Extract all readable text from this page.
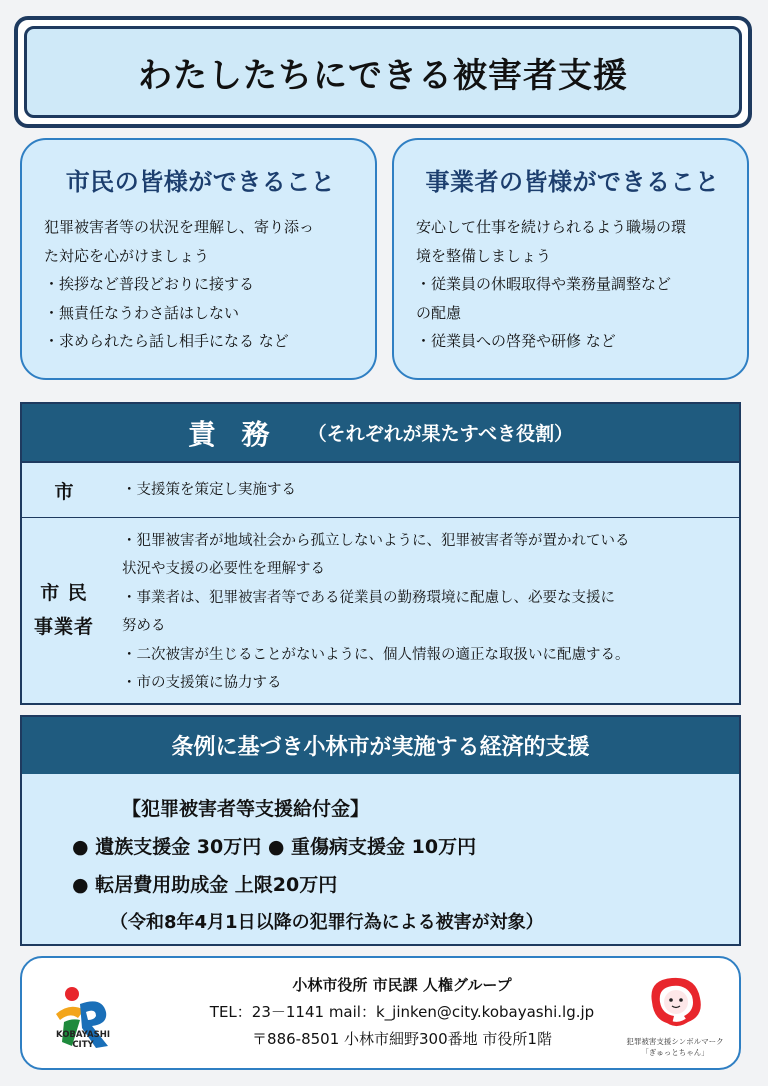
わたしたちにできる被害者支援
市民の皆様ができること
犯罪被害者等の状況を理解し、寄り添っ
た対応を心がけましょう
・挨拶など普段どおりに接する
・無責任なうわさ話はしない
・求められたら話し相手になる など
事業者の皆様ができること
安心して仕事を続けられるよう職場の環
境を整備しましょう
・従業員の休暇取得や業務量調整など
の配慮
・従業員への啓発や研修 など
責 務 （それぞれが果たすべき役割）
市	・支援策を策定し実施する
市 民
事業者
・犯罪被害者が地域社会から孤立しないように、犯罪被害者等が置かれている
状況や支援の必要性を理解する
・事業者は、犯罪被害者等である従業員の勤務環境に配慮し、必要な支援に
努める
・二次被害が生じることがないように、個人情報の適正な取扱いに配慮する。
・市の支援策に協力する
条例に基づき小林市が実施する経済的支援
【犯罪被害者等支援給付金】
● 遺族支援金 30万円 ● 重傷病支援金 10万円
● 転居費用助成金 上限20万円
（令和8年4月1日以降の犯罪行為による被害が対象）
KOBAYASHI
CITY
小林市役所 市民課 人権グループ
TEL：23－1141 mail：k_jinken@city.kobayashi.lg.jp
〒886-8501 小林市細野300番地 市役所1階	犯罪被害支援シンボルマーク
「ぎゅっとちゃん」
